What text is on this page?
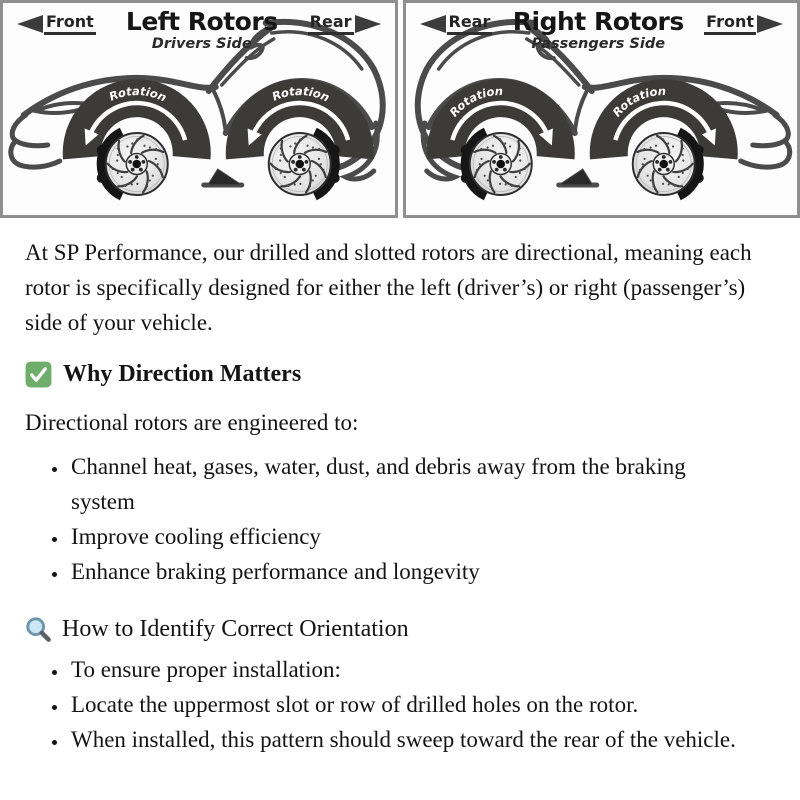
Rotation	Rotation
Front Left Rotors
Drivers Side
Rear
Rotation
Rotation
Rear Right Rotors
Passengers Side
Front

At SP Performance, our drilled and slotted rotors are directional, meaning each rotor is specifically designed for either the left (driver’s) or right (passenger’s) side of your vehicle.

Why Direction Matters

Directional rotors are engineered to:

• Channel heat, gases, water, dust, and debris away from the braking system
• Improve cooling efficiency
• Enhance braking performance and longevity
How to Identify Correct Orientation
• To ensure proper installation:
• Locate the uppermost slot or row of drilled holes on the rotor.
• When installed, this pattern should sweep toward the rear of the vehicle.
